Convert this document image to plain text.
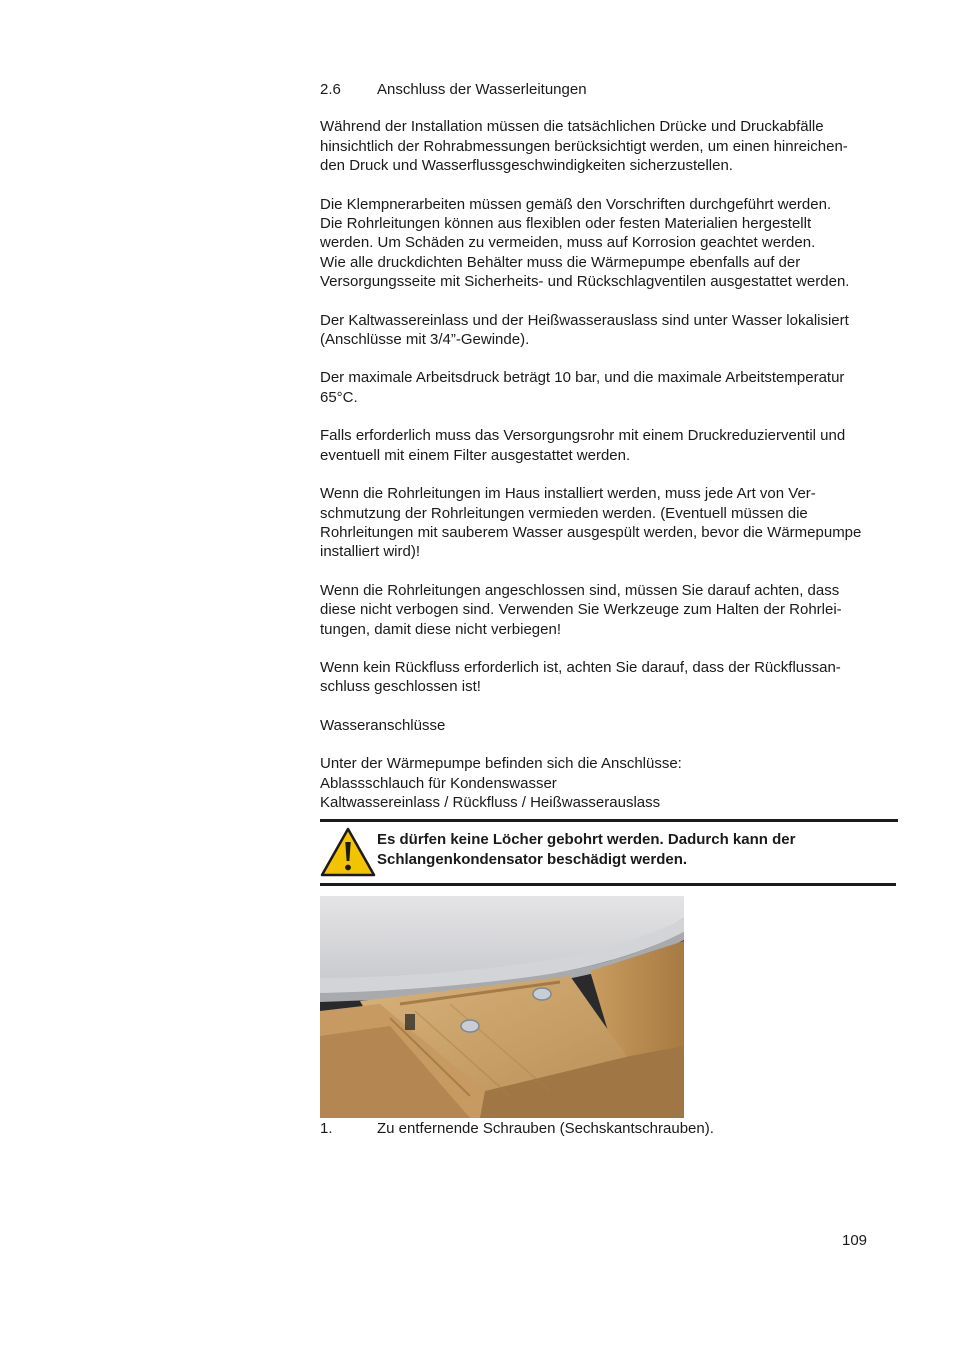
2.6	Anschluss der Wasserleitungen
Während der Installation müssen die tatsächlichen Drücke und Druckabfälle
hinsichtlich der Rohrabmessungen berücksichtigt werden, um einen hinreichen-
den Druck und Wasserflussgeschwindigkeiten sicherzustellen.
Die Klempnerarbeiten müssen gemäß den Vorschriften durchgeführt werden.
Die Rohrleitungen können aus flexiblen oder festen Materialien hergestellt
werden. Um Schäden zu vermeiden, muss auf Korrosion geachtet werden.
Wie alle druckdichten Behälter muss die Wärmepumpe ebenfalls auf der
Versorgungsseite mit Sicherheits- und Rückschlagventilen ausgestattet werden.
Der Kaltwassereinlass und der Heißwasserauslass sind unter Wasser lokalisiert
(Anschlüsse mit 3/4”-Gewinde).
Der maximale Arbeitsdruck beträgt 10 bar, und die maximale Arbeitstemperatur
65°C.
Falls erforderlich muss das Versorgungsrohr mit einem Druckreduzierventil und
eventuell mit einem Filter ausgestattet werden.
Wenn die Rohrleitungen im Haus installiert werden, muss jede Art von Ver-
schmutzung der Rohrleitungen vermieden werden. (Eventuell müssen die
Rohrleitungen mit sauberem Wasser ausgespült werden, bevor die Wärmepumpe
installiert wird)!
Wenn die Rohrleitungen angeschlossen sind, müssen Sie darauf achten, dass
diese nicht verbogen sind. Verwenden Sie Werkzeuge zum Halten der Rohrlei-
tungen, damit diese nicht verbiegen!
Wenn kein Rückfluss erforderlich ist, achten Sie darauf, dass der Rückflussan-
schluss geschlossen ist!
Wasseranschlüsse
Unter der Wärmepumpe befinden sich die Anschlüsse:
Ablassschlauch für Kondenswasser
Kaltwassereinlass / Rückfluss / Heißwasserauslass
Es dürfen keine Löcher gebohrt werden. Dadurch kann der
Schlangenkondensator beschädigt werden.
1.	Zu entfernende Schrauben (Sechskantschrauben).
109
